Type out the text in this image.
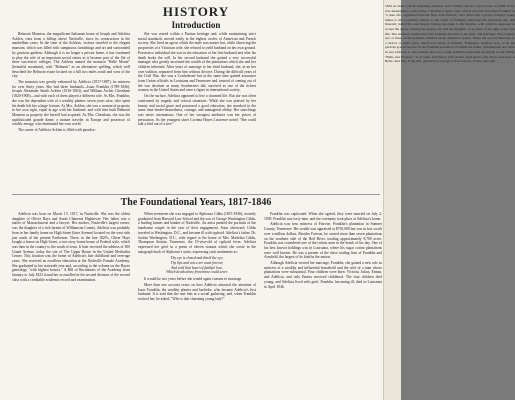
HISTORY
Introduction

Belmont Mansion, the magnificent Italianate home of Joseph and Adelicia Acklen, rises from a hilltop above Nashville, since its construction in the antebellum years. In the time of the Acklens, visitors traveled to the elegant mansion, which was filled with sumptuous furnishings and art and surrounded by gracious gardens. Although it is no longer a private home, it has continued to play the role of an important social center as it became part of the life of three successive colleges. The Acklens named the mansion "Belle Monte" (beautiful mountain), with "Belmont" as an alternative spelling, which well described the Belmont estate located on a hill two miles south and west of the city.

The mansion was greatly enhanced by Adelicia (1817-1887), its mistress for over thirty years. She had three husbands—Isaac Franklin (1789-1846), Joseph Alexander Smith Acklen (1816-1863), and William Archer Cheatham (1820-1900)—and with each of them played a different role. As Mrs. Franklin, she was the dependent wife of a wealthy planter, seven years wise, who spent his death left her a large fortune. As Mrs. Acklen, she was a woman of property in her own right, equal in age with her husband, and with him built Belmont Mansion as property she herself had acquired. As Mrs. Cheatham, she was the sophisticated grande dame, a mature traveler in Europe and possessor of wealth, energy, who dominated her own world.

The career of Adelicia Acklen is filled with paradox:

She was reared within a Puritan heritage and, while maintaining strict moral standards, moved easily in the highest circles of American and French society. She lived an age in which the male was master but, while observing the proprieties of a Victorian wife, she refused to yield husband on her own ground. Possessive individual she was in the education of her first husband and after his death broke the will. In her second husband she gained a very successful manager who greatly increased the wealth of the plantations which she and her children inherited. After years of marriage to her third husband, she, in an her own volition, separated from him without divorce. During the difficult years of the Civil War, she was a Confederate but at the same time gained assurance from Union officials in Louisiana and Tennessee and, instead of coming out of the war destitute as many Southerners did, survived as one of the richest women in the United States and once a figure in international society.

On the surface, Adelicia appeared to live a charmed life. But she was often confronted by tragedy and critical situations. While she was praised by her beauty and social grace and possessed a good education, she matched in the same time tender-heartedness, courage, and managerial ability. Her searchings was never ostentatious. One of her strongest attributes was her power of persuasion. As her youngest sister Corinna Hayes Lawrence noted: "She could talk a bird out of a tree."

The Foundational Years, 1817-1846

Adelicia was born on March 15, 1817, in Nashville. She was the oldest daughter of Oliver Hays and Sarah Clements Hightower. Her father was a native of Massachusetts and a lawyer. Her mother, Nashville's largest owner, was the daughter of a rich farmer of Williamson County. Adelicia was probably born in her family home on High Street (later Avenue) located on the west side just south of the present Parthenon. There, in the late 1820's, Oliver Hays bought a house on High Street, a two-story frame house of Federal style, which was then in the country to the south of town. It later received the address of 300 Grand Avenue, today the site of The Upper Room in the United Methodist Center. This location was the home of Adelicia's late childhood and teen-age years. She received an excellent education at the Nashville Female Academy. She graduated in her sixteenth year and, according to the volume on the Hayes genealogy "with highest honors." A Bill of Recitations of the Academy from January to July 1823 found her as enrolled in the second division of the second class with a creditable academic record and examination.

When seventeen she was engaged to Alphonso Gibbs (1815-1836), recently graduated from Harvard Law School and the son of George Washington Gibbs, a leading farmer and banker of Nashville. An artist painted the portraits of the handsome couple in the year of their engagement. Soon afterward, Gibbs traveled to Washington, D.C., and became ill with typhoid. Adelicia's father, Dr. Jordan Washington, D.C., with regard to the home of Mrs. Madelisa Gibbs, Thompson Station, Tennessee, the 19-year-old of typhoid fever. Adelicia expressed her grief in a poem of eleven stanzas which she wrote in the autograph book of Alphonso's sister, expressing such sentiments as:

Thy eye is closed and dim'd the eye,
Thy lips and voice are mute forever,
And cold that heart of faithful love,
Which death alone from mine could sever.

It would be two years before she would again consent to marriage.

More than one account exists on how Adelicia attracted the attention of Isaac Franklin, the wealthy planter and bachelor, who became Adelicia's first husband. It is said that she met him at a social gathering, and, when Franklin noticed her, he asked, "Who is that charming young lady?"

Franklin was captivated. When she agreed, they were married on July 2, 1839. Franklin was forty-nine, and the ceremony took place at Adelicia's home.

Adelicia was now mistress of Fairvue, Franklin's plantation in Sumner County, Tennessee. His wealth was appraised at $750,000 but was in fact worth over a million dollars. Besides Fairvue, he owned more than seven plantations on the southern side of the Red River, totaling approximately 8,700 acres. Franklin was considered one of the richest men in the South of his day. One of his best known holdings was in Louisiana, where his sugar cotton plantations were well known. He was a partner of the slave trading firm of Franklin and Armfield, the largest of its kind in the nation.

Although Adelicia viewed her marriage, Franklin, she gained a new role as mistress of a wealthy and influential household and the wife of a man whose plantations were substantial. Four children were born: Victoria, Julius, Emma, and Adelicia, and only Emma survived childhood. The four children died young, and Adelicia lived with grief. Franklin, becoming ill, died in Louisiana in April 1846.

1852 he built both an imposing mansion and a family retreat, a new house of 2,000 acres, was undergoing a restoration. Christian County. One critical account described Franklin as "a man who organized from the New York Herald", who went with a group of happy young ladies to the Louisiana visited, to the wharf of Franklin plantation the following day, and liberally traded his own money, having the name to the fugitive, with Adelicia supposed to accept the whole, sharing the graph a fee and his daughter on grounds of the right to her own life. The audience would learn that Franklin died just at the time, and marriage. But possibly two or three of the Acklens' children lately, Adelicia's sisters. When the second marriage, to a widow of eight years, which was lately of Gallatin, Tennessee, Adelicia was, so let the gardens greatly known as the Franklin plantation. Franklin his father, grandparents and dates in and with her to, the woman, here for a song, Adelicia responded gracefully to her ballad, "Belle and Flowers," so it went. And here's your health, And here's your knell. And here is Belle. And here is the end. And here is to hope it lasts forever, in this ones' gift.
